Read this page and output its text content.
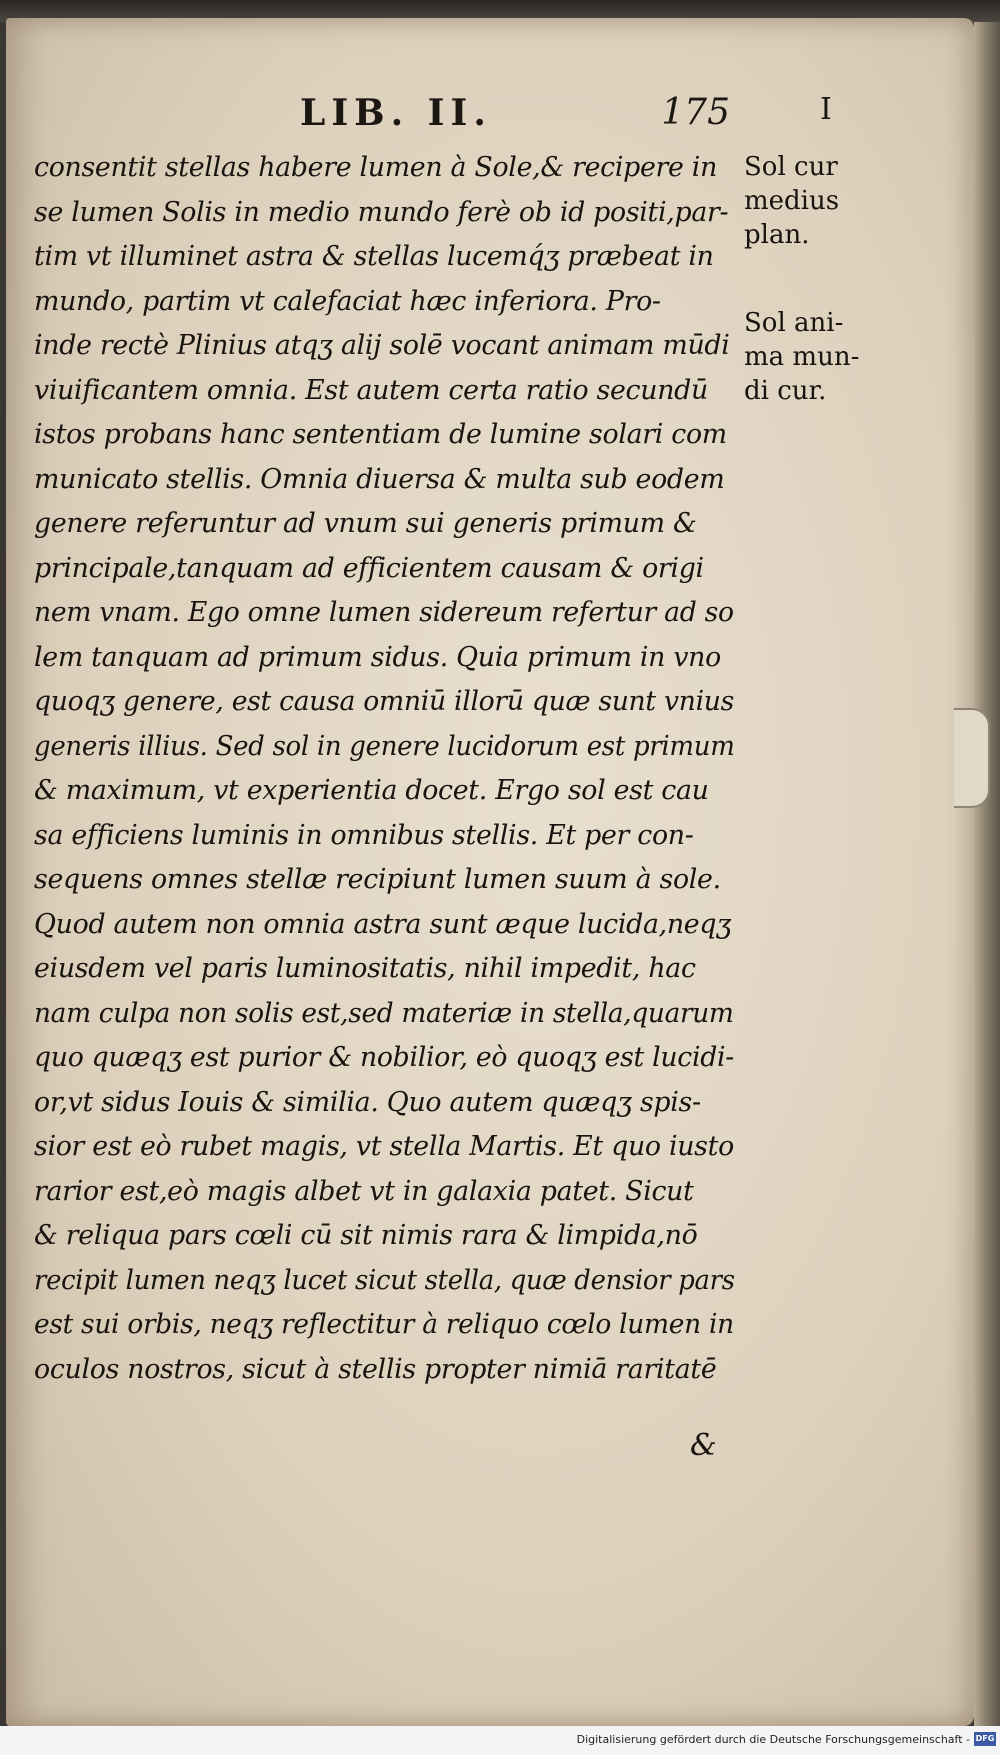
LIB. II.	175	I
consentit stellas habere lumen à Sole,& recipere in
se lumen Solis in medio mundo ferè ob id positi,par-
tim vt illuminet astra & stellas lucemq́ʒ præbeat in
mundo, partim vt calefaciat hæc inferiora. Pro-
inde rectè Plinius atqʒ alij solē vocant animam mūdi
viuificantem omnia. Est autem certa ratio secundū
istos probans hanc sententiam de lumine solari com
municato stellis. Omnia diuersa & multa sub eodem
genere referuntur ad vnum sui generis primum &
principale,tanquam ad efficientem causam & origi
nem vnam. Ego omne lumen sidereum refertur ad so
lem tanquam ad primum sidus. Quia primum in vno
quoqʒ genere, est causa omniū illorū quæ sunt vnius
generis illius. Sed sol in genere lucidorum est primum
& maximum, vt experientia docet. Ergo sol est cau
sa efficiens luminis in omnibus stellis. Et per con-
sequens omnes stellæ recipiunt lumen suum à sole.
Quod autem non omnia astra sunt æque lucida,neqʒ
eiusdem vel paris luminositatis, nihil impedit, hac
nam culpa non solis est,sed materiæ in stella,quarum
quo quæqʒ est purior & nobilior, eò quoqʒ est lucidi-
or,vt sidus Iouis & similia. Quo autem quæqʒ spis-
sior est eò rubet magis, vt stella Martis. Et quo iusto
rarior est,eò magis albet vt in galaxia patet. Sicut
& reliqua pars cœli cū sit nimis rara & limpida,nō
recipit lumen neqʒ lucet sicut stella, quæ densior pars
est sui orbis, neqʒ reflectitur à reliquo cœlo lumen in
oculos nostros, sicut à stellis propter nimiā raritatē
&
Sol cur
medius
plan.
Sol ani-
ma mun-
di cur.
Digitalisierung gefördert durch die Deutsche Forschungsgemeinschaft - DFG
